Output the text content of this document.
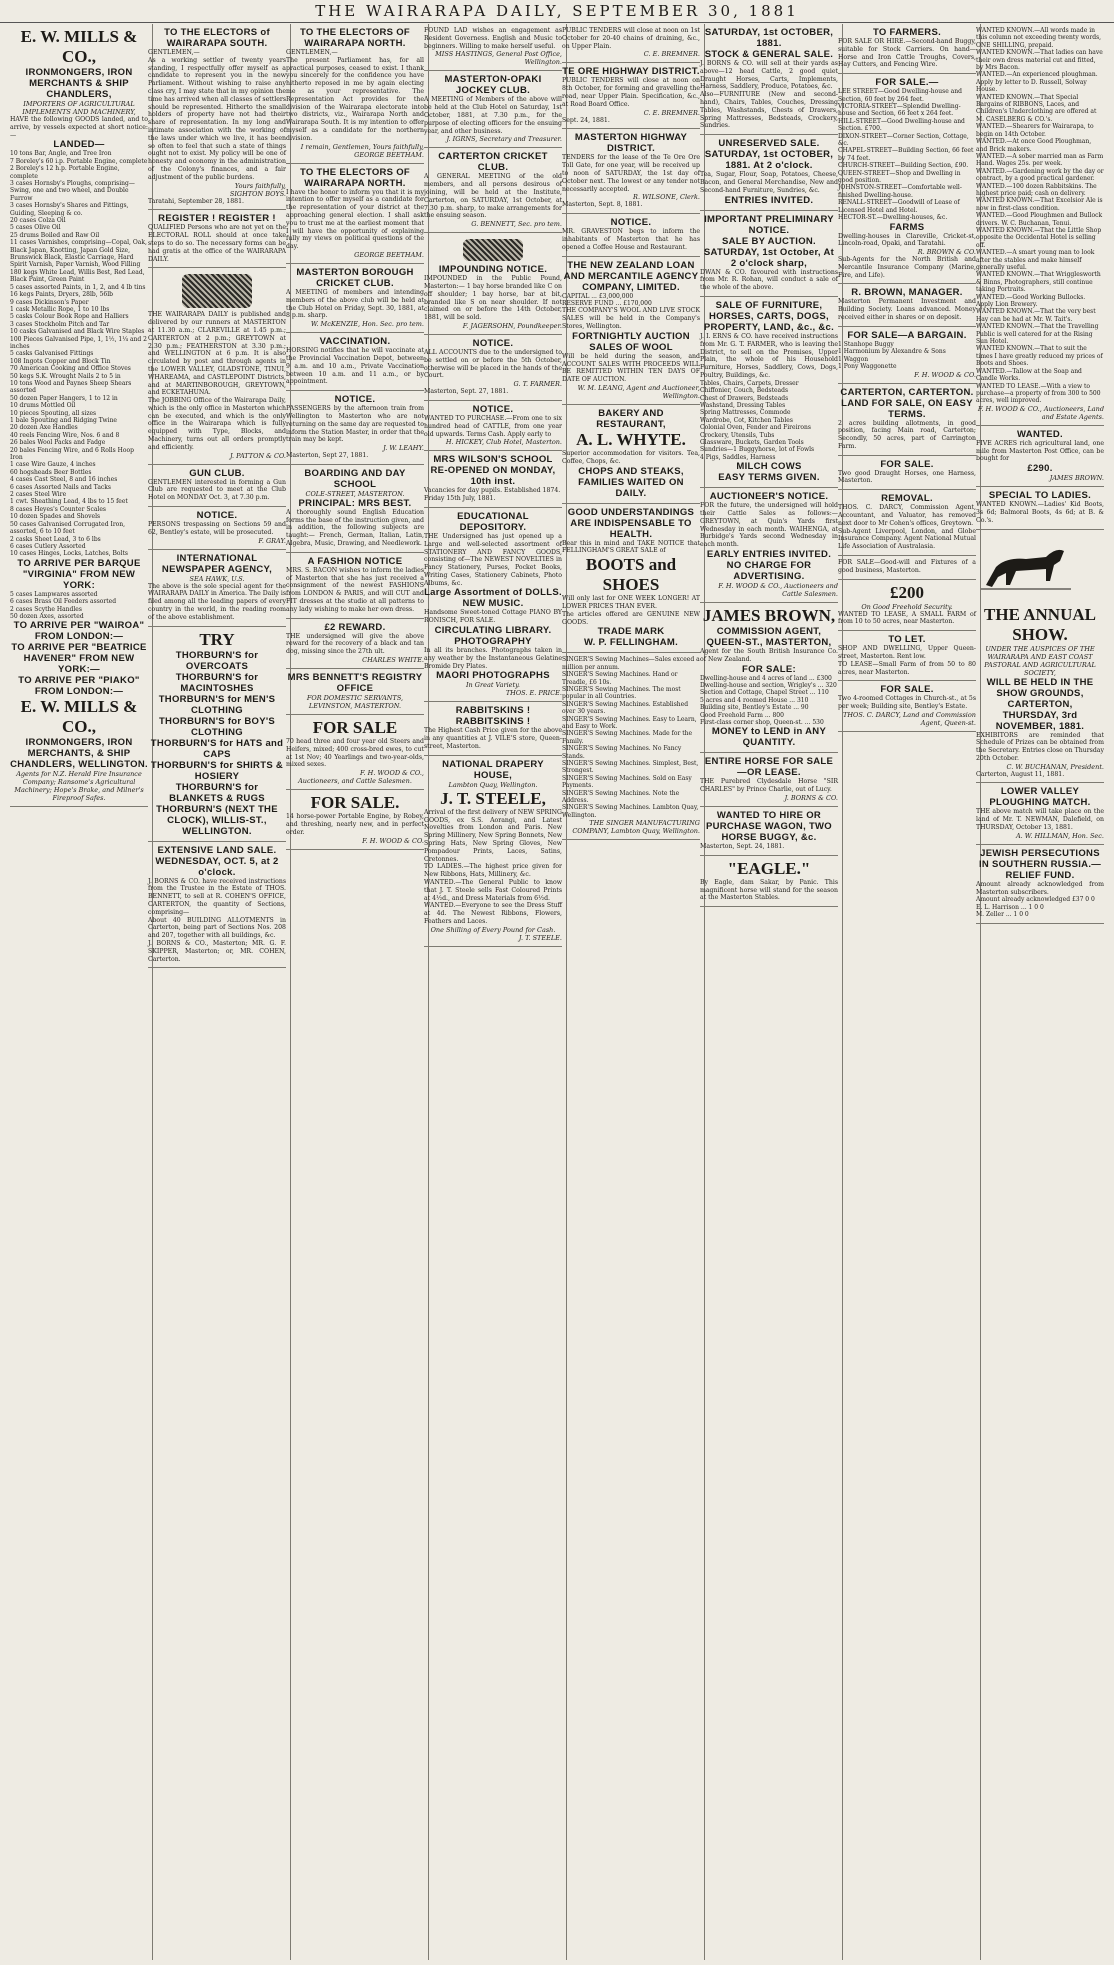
THE WAIRARAPA DAILY, SEPTEMBER 30, 1881
E. W. MILLS & CO.,
IRONMONGERS, IRON MERCHANTS & SHIP CHANDLERS,
IMPORTERS OF AGRICULTURAL IMPLEMENTS AND MACHINERY,
HAVE the following GOODS landed, and to arrive, by vessels expected at short notice:—
LANDED—
10 tons Bar, Angle, and Tree Iron
7 Boreley's 60 i.p. Portable Engine, complete
2 Boreley's 12 h.p. Portable Engine, complete
3 cases Hornsby's Ploughs, comprising—Swing, one and two wheel, and Double Furrow
3 cases Hornsby's Shares and Fittings, Guiding, Sleeping & co.
20 cases Colza Oil
5 cases Olive Oil
25 drums Boiled and Raw Oil
11 cases Varnishes, comprising—Copal, Oak, Black Japan, Knotting, Japan Gold Size, Brunswick Black, Elastic Carriage, Hard Spirit Varnish, Paper Varnish, Wood Filling
180 kegs White Lead, Willis Best, Red Lead, Black Paint, Green Paint
5 cases assorted Paints, in 1, 2, and 4 lb tins
16 kegs Paints, Dryers, 28lb, 56lb
9 cases Dickinson's Paper
1 cask Metallic Rope, 1 to 10 lbs
5 casks Colour Book Rope and Halliers
3 cases Stockholm Pitch and Tar
10 casks Galvanised and Black Wire Staples
100 Pieces Galvanised Pipe, 1, 1½, 1¼ and 2 inches
5 casks Galvanised Fittings
108 Ingots Copper and Block Tin
70 American Cooking and Office Stoves
50 kegs S.K. Wrought Nails 2 to 5 in
10 tons Wood and Paynes Sheep Shears assorted
50 dozen Paper Hangers, 1 to 12 in
10 drums Mottled Oil
10 pieces Spouting, all sizes
1 bale Spouting and Ridging Twine
20 dozen Axe Handles
40 reels Fencing Wire, Nos. 6 and 8
26 bales Wool Packs and Fadge
20 bales Fencing Wire, and 6 Rolls Hoop Iron
1 case Wire Gauze, 4 inches
60 hogsheads Beer Bottles
4 cases Cast Steel, 8 and 16 inches
6 cases Assorted Nails and Tacks
2 cases Steel Wire
1 cwt. Sheathing Lead, 4 lbs to 15 feet
8 cases Heyes's Counter Scales
10 dozen Spades and Shovels
50 cases Galvanised Corrugated Iron, assorted, 6 to 10 feet
2 casks Sheet Lead, 3 to 6 lbs
6 cases Cutlery Assorted
10 cases Hinges, Locks, Latches, Bolts
TO ARRIVE PER BARQUE "VIRGINIA" FROM NEW YORK:
5 cases Lampwares assorted
6 cases Brass Oil Feeders assorted
2 cases Scythe Handles
50 dozen Axes, assorted
TO ARRIVE PER "WAIROA" FROM LONDON:—
TO ARRIVE PER "BEATRICE HAVENER" FROM NEW YORK:—
TO ARRIVE PER "PIAKO" FROM LONDON:—
E. W. MILLS & CO.,
IRONMONGERS, IRON MERCHANTS, & SHIP CHANDLERS, WELLINGTON.
Agents for N.Z. Herald Fire Insurance Company; Ransome's Agricultural Machinery; Hope's Brake, and Milner's Fireproof Safes.
TO THE ELECTORS of WAIRARAPA SOUTH.
GENTLEMEN,—
As a working settler of twenty years standing, I respectfully offer myself as a candidate to represent you in the new Parliament. Without wishing to raise any class cry, I may state that in my opinion the time has arrived when all classes of settlers should be represented. Hitherto the small holders of property have not had their share of representation. In my long and intimate association with the working of the laws under which we live, it has been so often to feel that such a state of things ought not to exist. My policy will be one of honesty and economy in the administration of the Colony's finances, and a fair adjustment of the public burdens.
Yours faithfully,
SIGHTON BOYS.
Taratahi, September 28, 1881.
REGISTER ! REGISTER !
QUALIFIED Persons who are not yet on the ELECTORAL ROLL should at once take steps to do so. The necessary forms can be had gratis at the office of the WAIRARAPA DAILY.
THE WAIRARAPA DAILY is published and delivered by our runners at MASTERTON at 11.30 a.m.; CLAREVILLE at 1.45 p.m.; CARTERTON at 2 p.m.; GREYTOWN at 2.30 p.m.; FEATHERSTON at 3.30 p.m.; and WELLINGTON at 6 p.m. It is also circulated by post and through agents in the LOWER VALLEY, GLADSTONE, TINUI, WHAREAMA, and CASTLEPOINT Districts, and at MARTINBOROUGH, GREYTOWN, and ECKETAHUNA.
The JOBBING Office of the Wairarapa Daily, which is the only office in Masterton which can be executed, and which is the only office in the Wairarapa which is fully equipped with Type, Blocks, and Machinery, turns out all orders promptly and efficiently.
J. PATTON & CO.
GUN CLUB.
GENTLEMEN interested in forming a Gun Club are requested to meet at the Club Hotel on MONDAY Oct. 3, at 7.30 p.m.
NOTICE.
PERSONS trespassing on Sections 59 and 62, Bentley's estate, will be prosecuted.
F. GRAY.
INTERNATIONAL NEWSPAPER AGENCY,
SEA HAWK, U.S.
The above is the sole special agent for the WAIRARAPA DAILY in America. The Daily is filed among all the leading papers of every country in the world, in the reading room of the above establishment.
TRY
THORBURN'S for OVERCOATS
THORBURN'S for MACINTOSHES
THORBURN'S for MEN'S CLOTHING
THORBURN'S for BOY'S CLOTHING
THORBURN'S for HATS and CAPS
THORBURN'S for SHIRTS & HOSIERY
THORBURN'S for BLANKETS & RUGS
THORBURN'S (NEXT THE CLOCK), WILLIS-ST., WELLINGTON.
EXTENSIVE LAND SALE.
WEDNESDAY, OCT. 5, at 2 o'clock.
J. BORNS & CO. have received instructions from the Trustee in the Estate of THOS. BENNETT, to sell at R. COHEN'S OFFICE, CARTERTON, the quantity of Sections, comprising—
About 40 BUILDING ALLOTMENTS in Carterton, being part of Sections Nos. 208 and 207, together with all buildings, &c.
J. BORNS & CO., Masterton; MR. G. F. SKIPPER, Masterton; or, MR. COHEN, Carterton.
TO THE ELECTORS OF WAIRARAPA NORTH.
GENTLEMEN,—
The present Parliament has, for all practical purposes, ceased to exist. I thank you sincerely for the confidence you have hitherto reposed in me by again electing me as your representative. The Representation Act provides for the division of the Wairarapa electorate into two districts, viz., Wairarapa North and Wairarapa South. It is my intention to offer myself as a candidate for the northern division.
I remain, Gentlemen, Yours faithfully,
GEORGE BEETHAM.
TO THE ELECTORS OF WAIRARAPA NORTH.
I have the honor to inform you that it is my intention to offer myself as a candidate for the representation of your district at the approaching general election. I shall ask you to trust me at the earliest moment that I will have the opportunity of explaining fully my views on political questions of the day.
GEORGE BEETHAM.
MASTERTON BOROUGH CRICKET CLUB.
A MEETING of members and intending members of the above club will be held at the Club Hotel on Friday, Sept. 30, 1881, at 8 p.m. sharp.
W. McKENZIE, Hon. Sec. pro tem.
VACCINATION.
HORSING notifies that he will vaccinate at the Provincial Vaccination Depot, between 9 a.m. and 10 a.m., Private Vaccination between 10 a.m. and 11 a.m., or by appointment.
NOTICE.
PASSENGERS by the afternoon train from Wellington to Masterton who are not returning on the same day are requested to inform the Station Master, in order that the train may be kept.
J. W. LEAHY.
Masterton, Sept 27, 1881.
BOARDING AND DAY SCHOOL
COLE-STREET, MASTERTON.
PRINCIPAL: MRS BEST.
A thoroughly sound English Education forms the base of the instruction given, and in addition, the following subjects are taught:— French, German, Italian, Latin, Algebra, Music, Drawing, and Needlework.
A FASHION NOTICE
MRS. S. BACON wishes to inform the ladies of Masterton that she has just received a consignment of the newest FASHIONS from LONDON & PARIS, and will CUT and FIT dresses at the studio at all patterns to any lady wishing to make her own dress.
£2 REWARD.
THE undersigned will give the above reward for the recovery of a black and tan dog, missing since the 27th ult.
CHARLES WHITE.
MRS BENNETT'S REGISTRY OFFICE
FOR DOMESTIC SERVANTS,
LEVINSTON, MASTERTON.
FOR SALE
70 head three and four year old Steers and Heifers, mixed; 400 cross-bred ewes, to cut at 1st Nov; 40 Yearlings and two-year-olds, mixed sexes.
F. H. WOOD & CO.,
Auctioneers, and Cattle Salesmen.
FOR SALE.
14 horse-power Portable Engine, by Robey, and threshing, nearly new, and in perfect order.
F. H. WOOD & CO.
FOUND LAD wishes an engagement as Resident Governess. English and Music to beginners. Willing to make herself useful.
MISS HASTINGS, General Post Office, Wellington.
MASTERTON-OPAKI JOCKEY CLUB.
A MEETING of Members of the above will be held at the Club Hotel on Saturday, 1st October, 1881, at 7.30 p.m., for the purpose of electing officers for the ensuing year, and other business.
J. IGRNS, Secretary and Treasurer.
CARTERTON CRICKET CLUB.
A GENERAL MEETING of the old members, and all persons desirous of joining, will be held at the Institute, Carterton, on SATURDAY, 1st October, at 7.30 p.m. sharp, to make arrangements for the ensuing season.
G. BENNETT, Sec. pro tem.
IMPOUNDING NOTICE.
IMPOUNDED in the Public Pound, Masterton:— 1 bay horse branded like C on off shoulder; 1 bay horse, bar at bit, branded like S on near shoulder. If not claimed on or before the 14th October, 1881, will be sold.
F. JAGERSOHN, Poundkeeper.
NOTICE.
ALL ACCOUNTS due to the undersigned to be settled on or before the 5th October, otherwise will be placed in the hands of the Court.
G. T. FARMER.
Masterton, Sept. 27, 1881.
NOTICE.
WANTED TO PURCHASE.—From one to six hundred head of CATTLE, from one year old upwards. Terms Cash. Apply early to
H. HICKEY, Club Hotel, Masterton.
MRS WILSON'S SCHOOL RE-OPENED ON MONDAY, 10th inst.
Vacancies for day pupils. Established 1874.
Friday 15th July, 1881.
EDUCATIONAL DEPOSITORY.
THE Undersigned has just opened up a Large and well-selected assortment of STATIONERY AND FANCY GOODS, consisting of—The NEWEST NOVELTIES in Fancy Stationery, Purses, Pocket Books, Writing Cases, Stationery Cabinets, Photo Albums, &c.
Large Assortment of DOLLS.
NEW MUSIC.
Handsome Sweet-toned Cottage PIANO BY RONISCH, FOR SALE.
CIRCULATING LIBRARY.
PHOTOGRAPHY
In all its branches. Photographs taken in any weather by the Instantaneous Gelatine Bromide Dry Plates.
MAORI PHOTOGRAPHS
In Great Variety.
THOS. E. PRICE.
RABBITSKINS ! RABBITSKINS !
The Highest Cash Price given for the above in any quantities at J. VILE'S store, Queen-street, Masterton.
NATIONAL DRAPERY HOUSE,
Lambton Quay, Wellington.
J. T. STEELE,
Arrival of the first delivery of NEW SPRING GOODS, ex S.S. Aorangi, and Latest Novelties from London and Paris. New Spring Millinery, New Spring Bonnets, New Spring Hats, New Spring Gloves, New Pompadour Prints, Laces, Satins, Cretonnes.
TO LADIES.—The highest price given for New Ribbons, Hats, Millinery, &c.
WANTED.—The General Public to know that J. T. Steele sells Fast Coloured Prints at 4½d., and Dress Materials from 6½d.
WANTED.—Everyone to see the Dress Stuff at 4d. The Newest Ribbons, Flowers, Feathers and Laces.
One Shilling of Every Pound for Cash.
J. T. STEELE.
PUBLIC TENDERS will close at noon on 1st October for 20-40 chains of draining, &c., on Upper Plain.
C. E. BREMNER.
TE ORE HIGHWAY DISTRICT.
PUBLIC TENDERS will close at noon on 8th October, for forming and gravelling the road, near Upper Plain. Specification, &c., at Road Board Office.
C. E. BREMNER.
Sept. 24, 1881.
MASTERTON HIGHWAY DISTRICT.
TENDERS for the lease of the Te Ore Ore Toll Gate, for one year, will be received up to noon of SATURDAY, the 1st day of October next. The lowest or any tender not necessarily accepted.
R. WILSONE, Clerk.
Masterton, Sept. 8, 1881.
NOTICE.
MR. GRAVESTON begs to inform the inhabitants of Masterton that he has opened a Coffee House and Restaurant.
THE NEW ZEALAND LOAN AND MERCANTILE AGENCY COMPANY, LIMITED.
CAPITAL ... £3,000,000
RESERVE FUND ... £170,000
THE COMPANY'S WOOL AND LIVE STOCK SALES will be held in the Company's Stores, Wellington.
FORTNIGHTLY AUCTION SALES OF WOOL
Will be held during the season, and ACCOUNT SALES WITH PROCEEDS WILL BE REMITTED WITHIN TEN DAYS OF DATE OF AUCTION.
W. M. LEANG, Agent and Auctioneer, Wellington.
BAKERY AND RESTAURANT,
A. L. WHYTE.
Superior accommodation for visitors. Tea, Coffee, Chops, &c.
CHOPS AND STEAKS,
FAMILIES WAITED ON DAILY.
GOOD UNDERSTANDINGS ARE INDISPENSABLE TO HEALTH.
Bear this in mind and TAKE NOTICE that FELLINGHAM'S GREAT SALE of
BOOTS and SHOES
Will only last for ONE WEEK LONGER! AT LOWER PRICES THAN EVER.
The articles offered are GENUINE NEW GOODS.
TRADE MARK
W. P. FELLINGHAM.
SINGER'S Sewing Machines—Sales exceed a million per annum.
SINGER'S Sewing Machines. Hand or Treadle, £6 10s.
SINGER'S Sewing Machines. The most popular in all Countries.
SINGER'S Sewing Machines. Established over 30 years.
SINGER'S Sewing Machines. Easy to Learn, and Easy to Work.
SINGER'S Sewing Machines. Made for the Family.
SINGER'S Sewing Machines. No Fancy Stands.
SINGER'S Sewing Machines. Simplest, Best, Strongest.
SINGER'S Sewing Machines. Sold on Easy Payments.
SINGER'S Sewing Machines. Note the Address.
SINGER'S Sewing Machines. Lambton Quay, Wellington.
THE SINGER MANUFACTURING COMPANY, Lambton Quay, Wellington.
SATURDAY, 1st OCTOBER, 1881.
STOCK & GENERAL SALE.
J. BORNS & CO. will sell at their yards as above—12 head Cattle, 2 good quiet Draught Horses, Carts, Implements, Harness, Saddlery, Produce, Potatoes, &c.
Also—FURNITURE (New and second-hand), Chairs, Tables, Couches, Dressing Tables, Washstands, Chests of Drawers, Spring Mattresses, Bedsteads, Crockery, Sundries.
UNRESERVED SALE.
SATURDAY, 1st OCTOBER, 1881. At 2 o'clock.
Tea, Sugar, Flour, Soap, Potatoes, Cheese, Bacon, and General Merchandise, New and Second-hand Furniture, Sundries, &c.
ENTRIES INVITED.
IMPORTANT PRELIMINARY NOTICE.
SALE BY AUCTION.
SATURDAY, 1st October, At 2 o'clock sharp,
DWAN & CO. favoured with instructions from Mr. R. Rohan, will conduct a sale of the whole of the above.
SALE OF FURNITURE, HORSES, CARTS, DOGS, PROPERTY, LAND, &c., &c.
J. I. ERNS & CO. have received instructions from Mr. G. T. FARMER, who is leaving the District, to sell on the Premises, Upper Plain, the whole of his Household Furniture, Horses, Saddlery, Cows, Dogs, Poultry, Buildings, &c.
Tables, Chairs, Carpets, Dresser
Chiffonier, Couch, Bedsteads
Chest of Drawers, Bedsteads
Washstand, Dressing Tables
Spring Mattresses, Commode
Wardrobe, Cot, Kitchen Tables
Colonial Oven, Fender and Fireirons
Crockery, Utensils, Tubs
Glassware, Buckets, Garden Tools
Sundries—1 Buggyhorse, lot of Fowls
4 Pigs, Saddles, Harness
MILCH COWS
EASY TERMS GIVEN.
AUCTIONEER'S NOTICE.
FOR the future, the undersigned will hold their Cattle Sales as follows:— GREYTOWN, at Quin's Yards first Wednesday in each month. WAIHENGA, at Burbidge's Yards second Wednesday in each month.
EARLY ENTRIES INVITED. NO CHARGE FOR ADVERTISING.
F. H. WOOD & CO., Auctioneers and Cattle Salesmen.
JAMES BROWN,
COMMISSION AGENT, QUEEN-ST., MASTERTON,
Agent for the South British Insurance Co. of New Zealand.
FOR SALE:
Dwelling-house and 4 acres of land ... £300
Dwelling-house and section, Wrigley's ... 320
Section and Cottage, Chapel Street ... 110
5 acres and 4 roomed House ... 310
Building site, Bentley's Estate ... 90
Good Freehold Farm ... 800
First-class corner shop, Queen-st. ... 530
MONEY to LEND in ANY QUANTITY.
ENTIRE HORSE FOR SALE—OR LEASE.
THE Purebred Clydesdale Horse "SIR CHARLES" by Prince Charlie, out of Lucy.
J. BORNS & CO.
WANTED TO HIRE OR PURCHASE WAGON, TWO HORSE BUGGY, &c.
Masterton, Sept. 24, 1881.
"EAGLE."
By Eagle, dam Sakar, by Panic. This magnificent horse will stand for the season at the Masterton Stables.
TO FARMERS.
FOR SALE OR HIRE.—Second-hand Buggy, suitable for Stock Carriers. On hand—Horse and Iron Cattle Troughs, Covers, Hay Cutters, and Fencing Wire.
FOR SALE.—
LEE STREET—Good Dwelling-house and Section, 60 feet by 264 feet.
VICTORIA-STREET—Splendid Dwelling-house and Section, 66 feet x 264 feet.
HILL-STREET—Good Dwelling-house and Section. £700.
DIXON-STREET—Corner Section, Cottage, &c.
CHAPEL-STREET—Building Section, 66 feet by 74 feet.
CHURCH-STREET—Building Section, £90.
QUEEN-STREET—Shop and Dwelling in good position.
JOHNSTON-STREET—Comfortable well-finished Dwelling-house.
RENALL-STREET—Goodwill of Lease of Licensed Hotel and Hotel.
HECTOR-ST.—Dwelling-houses, &c.
FARMS
Dwelling-houses in Clareville, Cricket-st, Lincoln-road, Opaki, and Taratahi.
R. BROWN & CO.
Sub-Agents for the North British and Mercantile Insurance Company (Marine, Fire, and Life).
R. BROWN, MANAGER.
Masterton Permanent Investment and Building Society. Loans advanced. Money received either in shares or on deposit.
FOR SALE—A BARGAIN.
1 Stanhope Buggy
1 Harmonium by Alexandre & Sons
1 Waggon
1 Pony Waggonette
F. H. WOOD & CO.
CARTERTON, CARTERTON.
LAND FOR SALE, ON EASY TERMS.
2 acres building allotments, in good position, facing Main road, Carterton; Secondly, 50 acres, part of Carrington Farm.
FOR SALE.
Two good Draught Horses, one Harness, Masterton.
REMOVAL.
THOS. C. DARCY, Commission Agent, Accountant, and Valuator, has removed next door to Mr Cohen's offices, Greytown.
Sub-Agent Liverpool, London, and Globe Insurance Company. Agent National Mutual Life Association of Australasia.
FOR SALE—Good-will and Fixtures of a good business, Masterton.
£200
On Good Freehold Security.
WANTED TO LEASE, A SMALL FARM of from 10 to 50 acres, near Masterton.
TO LET.
SHOP AND DWELLING, Upper Queen-street, Masterton. Rent low.
TO LEASE—Small Farm of from 50 to 80 acres, near Masterton.
FOR SALE.
Two 4-roomed Cottages in Church-st., at 5s per week; Building site, Bentley's Estate.
THOS. C. DARCY, Land and Commission Agent, Queen-st.
WANTED KNOWN.—All words made in this column not exceeding twenty words, ONE SHILLING, prepaid.
WANTED KNOWN.—That ladies can have their own dress material cut and fitted, by Mrs Bacon.
WANTED.—An experienced ploughman. Apply by letter to D. Russell, Solway House.
WANTED KNOWN.—That Special Bargains of RIBBONS, Laces, and Children's Underclothing are offered at M. CASELBERG & CO.'s.
WANTED.—Shearers for Wairarapa, to begin on 14th October.
WANTED.—At once Good Ploughman, and Brick makers.
WANTED.—A sober married man as Farm Hand. Wages 25s. per week.
WANTED.—Gardening work by the day or contract, by a good practical gardener.
WANTED.—100 dozen Rabbitskins. The highest price paid; cash on delivery.
WANTED KNOWN.—That Excelsior Ale is now in first-class condition.
WANTED.—Good Ploughmen and Bullock drivers. W. C. Buchanan, Tenui.
WANTED KNOWN.—That the Little Shop opposite the Occidental Hotel is selling off.
WANTED.—A smart young man to look after the stables and make himself generally useful.
WANTED KNOWN.—That Wrigglesworth & Binns, Photographers, still continue taking Portraits.
WANTED.—Good Working Bullocks. Apply Lion Brewery.
WANTED KNOWN.—That the very best Hay can be had at Mr. W. Tait's.
WANTED KNOWN.—That the Travelling Public is well catered for at the Rising Sun Hotel.
WANTED KNOWN.—That to suit the times I have greatly reduced my prices of Boots and Shoes.
WANTED.—Tallow at the Soap and Candle Works.
WANTED TO LEASE.—With a view to purchase—a property of from 300 to 500 acres, well improved.
F. H. WOOD & CO., Auctioneers, Land and Estate Agents.
WANTED.
FIVE ACRES rich agricultural land, one mile from Masterton Post Office, can be bought for
£290.
JAMES BROWN.
SPECIAL TO LADIES.
WANTED KNOWN.—Ladies' Kid Boots, 3s 6d; Balmoral Boots, 4s 6d; at B. & Co.'s.
THE ANNUAL SHOW.
UNDER THE AUSPICES OF THE WAIRARAPA AND EAST COAST PASTORAL AND AGRICULTURAL SOCIETY,
WILL BE HELD IN THE SHOW GROUNDS, CARTERTON,
THURSDAY, 3rd NOVEMBER, 1881.
EXHIBITORS are reminded that Schedule of Prizes can be obtained from the Secretary. Entries close on Thursday 20th October.
C. W. BUCHANAN, President.
Carterton, August 11, 1881.
LOWER VALLEY PLOUGHING MATCH.
THE above match will take place on the land of Mr. T. NEWMAN, Dalefield, on THURSDAY, October 13, 1881.
A. W. HILLMAN, Hon. Sec.
JEWISH PERSECUTIONS IN SOUTHERN RUSSIA.—RELIEF FUND.
Amount already acknowledged from Masterton subscribers.
Amount already acknowledged £37 0 0
E. L. Harrison ... 1 0 0
M. Zeller ... 1 0 0
